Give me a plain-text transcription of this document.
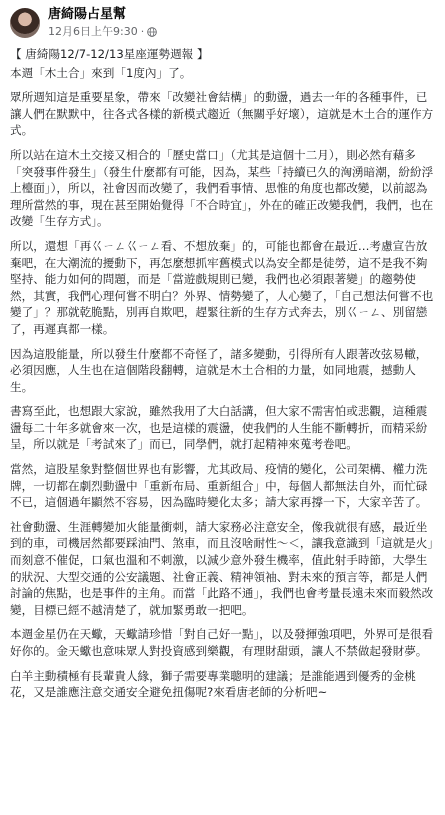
唐綺陽占星幫
12月6日上午9:30 ·

【 唐綺陽12/7-12/13星座運勢週報 】

本週「木土合」來到「1度內」了。

眾所週知這是重要星象，帶來「改變社會結構」的動盪，過去一年的各種事件，已讓人們在默默中，往各式各樣的新模式趨近（無關乎好壞），這就是木土合的運作方式。

所以站在這木土交接又相合的「歷史當口」（尤其是這個十二月），則必然有藉多「突發事件發生」（發生什麼都有可能，因為，某些「持續已久的洶湧暗潮，紛紛浮上檯面」），所以，社會因而改變了，我們看事情、思惟的角度也都改變，以前認為理所當然的事，現在甚至開始覺得「不合時宜」，外在的確正改變我們，我們，也在改變「生存方式」。

所以，還想「再巜ㄧㄥ巜ㄧㄥ看、不想放棄」的，可能也都會在最近…考慮宣告放棄吧，在大潮流的擾動下，再怎麼想抓牢舊模式以為安全都是徒勞，這不是我不夠堅持、能力如何的問題，而是「當遊戲規則已變，我們也必須跟著變」的趨勢使然，其實，我們心理何嘗不明白？外界、情勢變了，人心變了，「自己想法何嘗不也變了」？那就乾脆點，別再自欺吧，趕緊往新的生存方式奔去，別巜ㄧㄥ、別留戀了，再遲真都一樣。

因為這股能量，所以發生什麼都不奇怪了，諸多變動，引得所有人跟著改弦易轍，必須因應，人生也在這個階段翻轉，這就是木土合相的力量，如同地震，撼動人生。

書寫至此，也想跟大家說，雖然我用了大白話講，但大家不需害怕或悲觀，這種震盪每二十年多就會來一次，也是這樣的震盪，使我們的人生能不斷轉折，而精采紛呈，所以就是「考試來了」而已，同學們，就打起精神來蒐考卷吧。

當然，這股星象對整個世界也有影響，尤其政局、疫情的變化，公司架構、權力洗牌，一切都在劇烈動盪中「重新布局、重新組合」中，每個人都無法自外，而忙碌不已，這個過年顯然不容易，因為臨時變化太多；請大家再撐一下，大家辛苦了。

社會動盪、生涯轉變加火能量衝刺，請大家務必注意安全，像我就很有感，最近坐到的車，司機居然都要踩油門、煞車，而且沒啥耐性～＜，讓我意識到「這就是火」而刻意不催促，口氣也溫和不刺激，以減少意外發生機率，值此射手時節，大學生的狀況、大型交通的公安議題、社會正義、精神領袖、對未來的預言等，都是人們討論的焦點，也是事件的主角。而當「此路不通」，我們也會考量長遠未來而毅然改變，目標已經不越清楚了，就加緊勇敢一把吧。

本週金星仍在天蠍，天蠍請珍惜「對自己好一點」，以及發揮強項吧，外界可是很看好你的。金天蠍也意味眾人對投資感到樂觀，有理財甜頭，讓人不禁做起發財夢。

白羊主動積極有長輩貴人緣，獅子需要專業聰明的建議；是誰能遇到優秀的金桃花，又是誰應注意交通安全避免扭傷呢?來看唐老師的分析吧~
